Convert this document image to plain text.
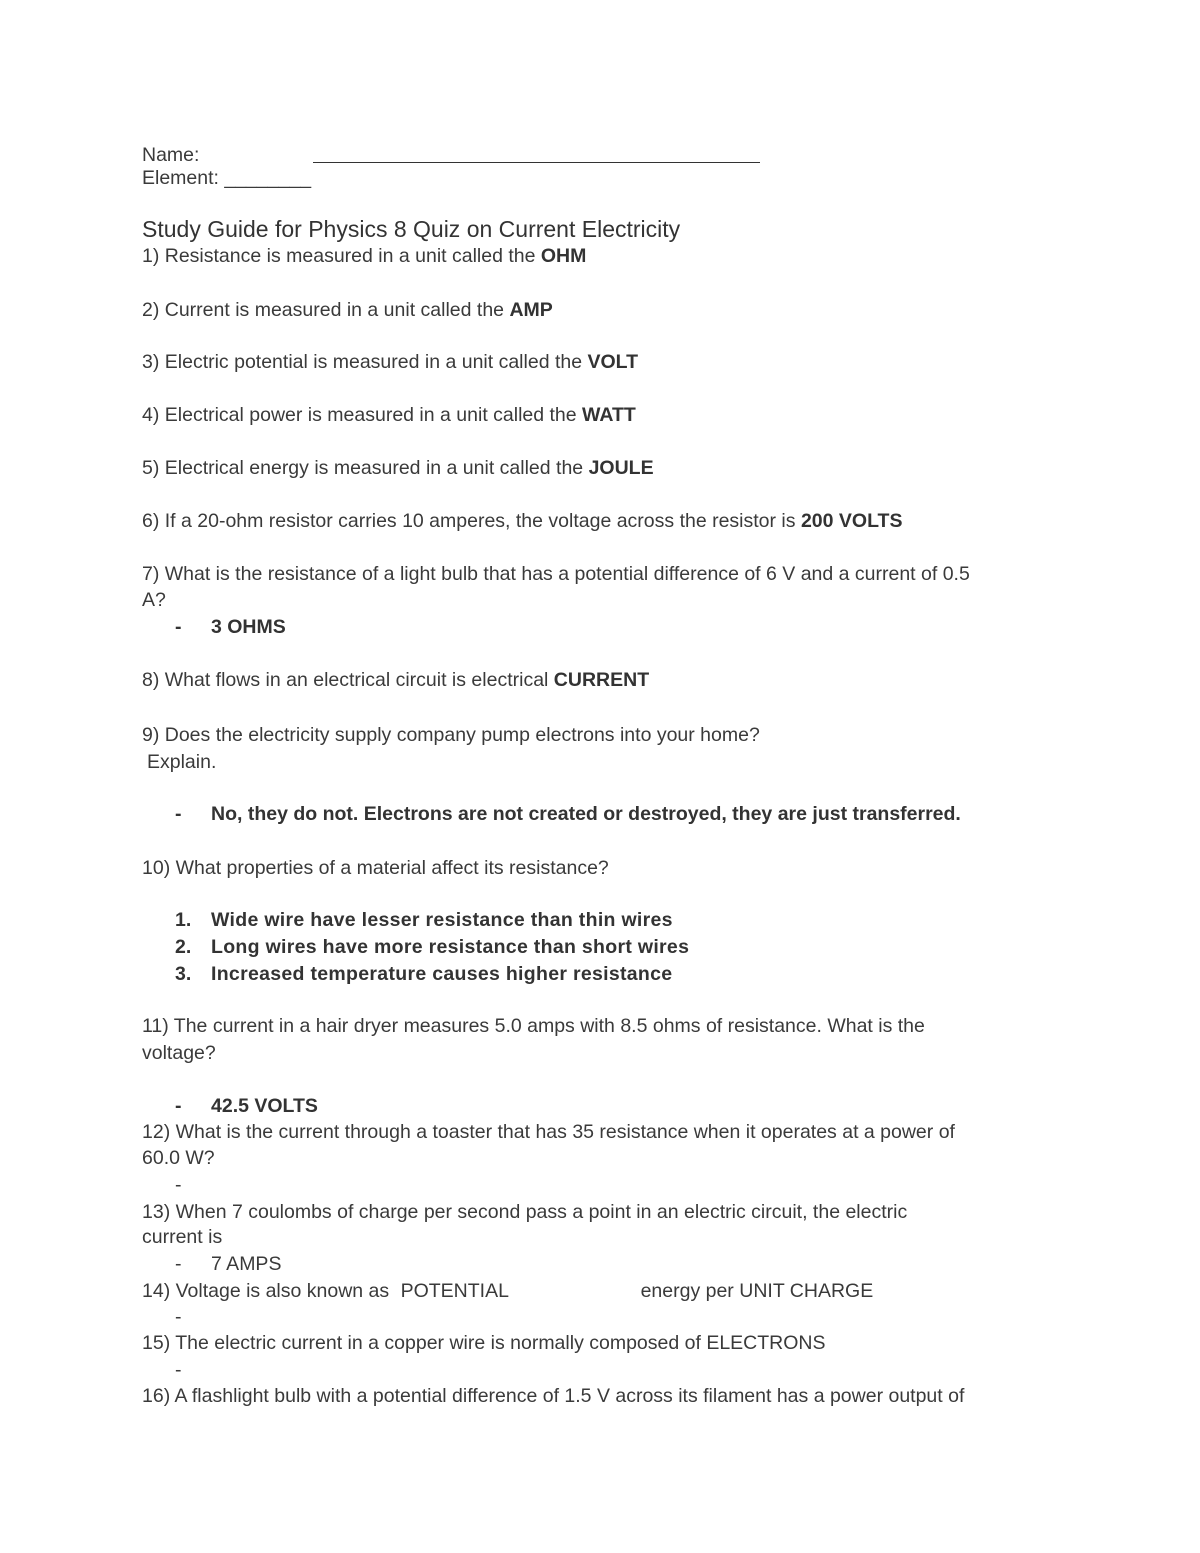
Name:
Element: ________
Study Guide for Physics 8 Quiz on Current Electricity
1) Resistance is measured in a unit called the OHM
2) Current is measured in a unit called the AMP
3) Electric potential is measured in a unit called the VOLT
4) Electrical power is measured in a unit called the WATT
5) Electrical energy is measured in a unit called the JOULE
6) If a 20-ohm resistor carries 10 amperes, the voltage across the resistor is 200 VOLTS
7) What is the resistance of a light bulb that has a potential difference of 6 V and a current of 0.5
A?
- 3 OHMS
8) What flows in an electrical circuit is electrical CURRENT
9) Does the electricity supply company pump electrons into your home?
Explain.
- No, they do not. Electrons are not created or destroyed, they are just transferred.
10) What properties of a material affect its resistance?
1. Wide wire have lesser resistance than thin wires
2. Long wires have more resistance than short wires
3. Increased temperature causes higher resistance
11) The current in a hair dryer measures 5.0 amps with 8.5 ohms of resistance. What is the
voltage?
- 42.5 VOLTS
12) What is the current through a toaster that has 35 resistance when it operates at a power of
60.0 W?
-
13) When 7 coulombs of charge per second pass a point in an electric circuit, the electric
current is
- 7 AMPS
14) Voltage is also known as POTENTIAL	energy per UNIT CHARGE
-
15) The electric current in a copper wire is normally composed of ELECTRONS
-
16) A flashlight bulb with a potential difference of 1.5 V across its filament has a power output of
